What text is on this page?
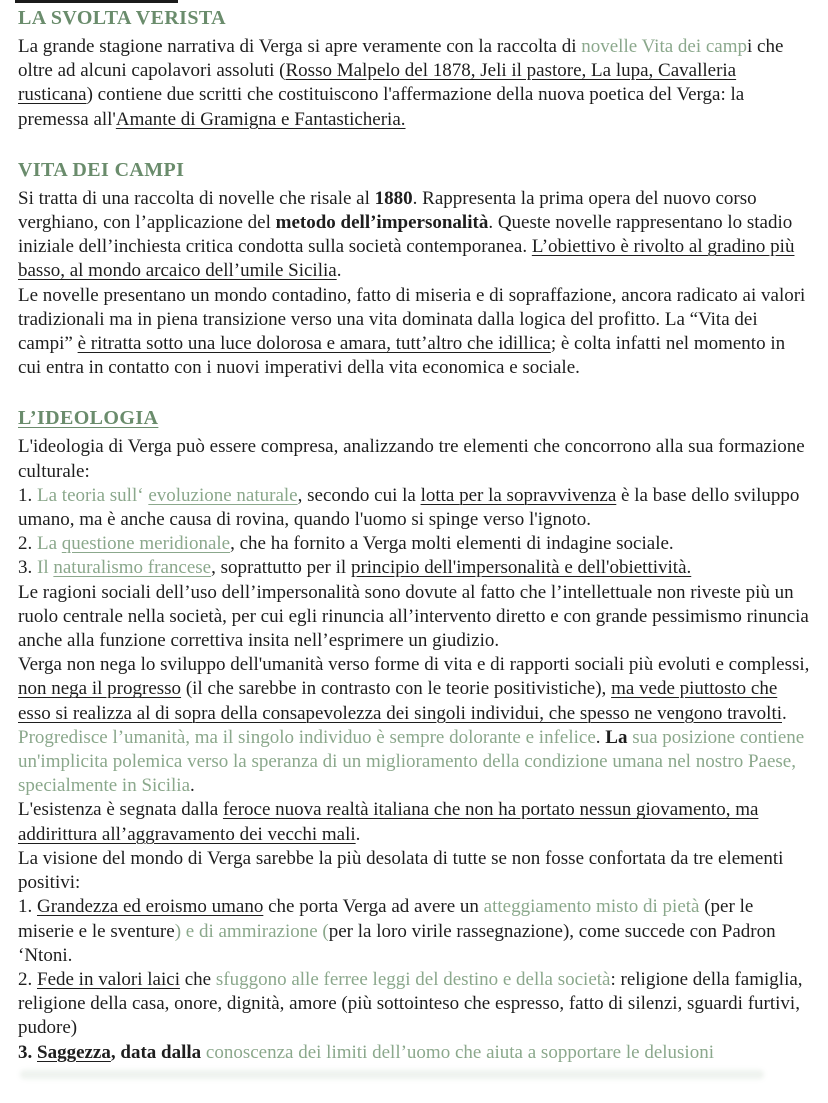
LA SVOLTA VERISTA

La grande stagione narrativa di Verga si apre veramente con la raccolta di novelle Vita dei campi che oltre ad alcuni capolavori assoluti (Rosso Malpelo del 1878, Jeli il pastore, La lupa, Cavalleria rusticana) contiene due scritti che costituiscono l'affermazione della nuova poetica del Verga: la premessa all'Amante di Gramigna e Fantasticheria.

VITA DEI CAMPI

Si tratta di una raccolta di novelle che risale al 1880. Rappresenta la prima opera del nuovo corso verghiano, con l’applicazione del metodo dell’impersonalità. Queste novelle rappresentano lo stadio iniziale dell’inchiesta critica condotta sulla società contemporanea. L’obiettivo è rivolto al gradino più basso, al mondo arcaico dell’umile Sicilia.

Le novelle presentano un mondo contadino, fatto di miseria e di sopraffazione, ancora radicato ai valori tradizionali ma in piena transizione verso una vita dominata dalla logica del profitto. La “Vita dei campi” è ritratta sotto una luce dolorosa e amara, tutt’altro che idillica; è colta infatti nel momento in cui entra in contatto con i nuovi imperativi della vita economica e sociale.

L’IDEOLOGIA

L'ideologia di Verga può essere compresa, analizzando tre elementi che concorrono alla sua formazione culturale:

1. La teoria sull‘ evoluzione naturale, secondo cui la lotta per la sopravvivenza è la base dello sviluppo umano, ma è anche causa di rovina, quando l'uomo si spinge verso l'ignoto.

2. La questione meridionale, che ha fornito a Verga molti elementi di indagine sociale.

3. Il naturalismo francese, soprattutto per il principio dell'impersonalità e dell'obiettività.

Le ragioni sociali dell’uso dell’impersonalità sono dovute al fatto che l’intellettuale non riveste più un ruolo centrale nella società, per cui egli rinuncia all’intervento diretto e con grande pessimismo rinuncia anche alla funzione correttiva insita nell’esprimere un giudizio.

Verga non nega lo sviluppo dell'umanità verso forme di vita e di rapporti sociali più evoluti e complessi, non nega il progresso (il che sarebbe in contrasto con le teorie positivistiche), ma vede piuttosto che esso si realizza al di sopra della consapevolezza dei singoli individui, che spesso ne vengono travolti. Progredisce l’umanità, ma il singolo individuo è sempre dolorante e infelice. La sua posizione contiene un'implicita polemica verso la speranza di un miglioramento della condizione umana nel nostro Paese, specialmente in Sicilia.

L'esistenza è segnata dalla feroce nuova realtà italiana che non ha portato nessun giovamento, ma addirittura all’aggravamento dei vecchi mali.

La visione del mondo di Verga sarebbe la più desolata di tutte se non fosse confortata da tre elementi positivi:

1. Grandezza ed eroismo umano che porta Verga ad avere un atteggiamento misto di pietà (per le miserie e le sventure) e di ammirazione (per la loro virile rassegnazione), come succede con Padron ‘Ntoni.

2. Fede in valori laici che sfuggono alle ferree leggi del destino e della società: religione della famiglia, religione della casa, onore, dignità, amore (più sottointeso che espresso, fatto di silenzi, sguardi furtivi, pudore)

3. Saggezza, data dalla conoscenza dei limiti dell’uomo che aiuta a sopportare le delusioni
